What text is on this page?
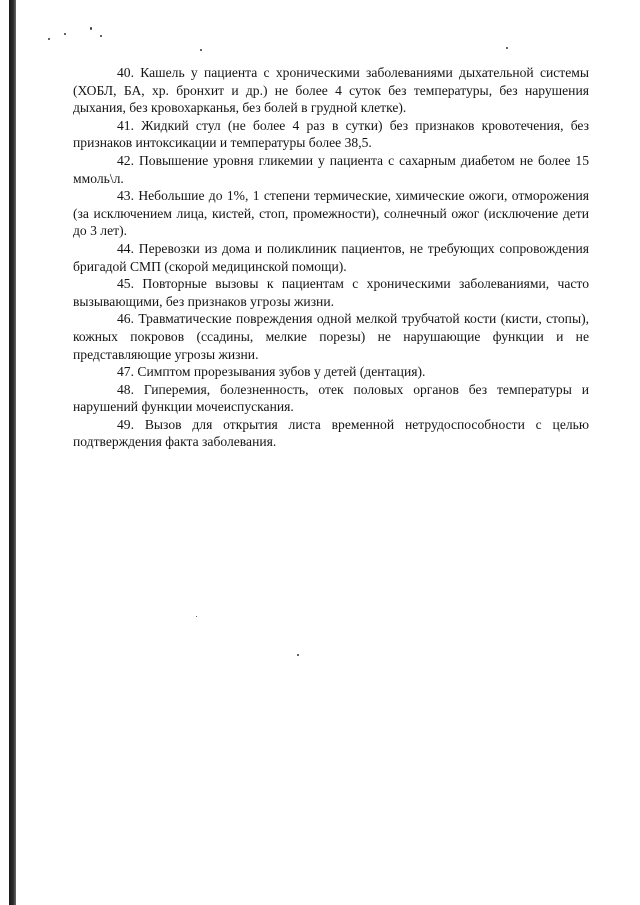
40. Кашель у пациента с хроническими заболеваниями дыхательной системы (ХОБЛ, БА, хр. бронхит и др.) не более 4 суток без температуры, без нарушения дыхания, без кровохарканья, без болей в грудной клетке).

41. Жидкий стул (не более 4 раз в сутки) без признаков кровотечения, без признаков интоксикации и температуры более 38,5.

42. Повышение уровня гликемии у пациента с сахарным диабетом не более 15 ммоль\л.

43. Небольшие до 1%, 1 степени термические, химические ожоги, отморожения (за исключением лица, кистей, стоп, промежности), солнечный ожог (исключение дети до 3 лет).

44. Перевозки из дома и поликлиник пациентов, не требующих сопровождения бригадой СМП (скорой медицинской помощи).

45. Повторные вызовы к пациентам с хроническими заболеваниями, часто вызывающими, без признаков угрозы жизни.

46. Травматические повреждения одной мелкой трубчатой кости (кисти, стопы), кожных покровов (ссадины, мелкие порезы) не нарушающие функции и не представляющие угрозы жизни.

47. Симптом прорезывания зубов у детей (дентация).

48. Гиперемия, болезненность, отек половых органов без температуры и нарушений функции мочеиспускания.

49. Вызов для открытия листа временной нетрудоспособности с целью подтверждения факта заболевания.
